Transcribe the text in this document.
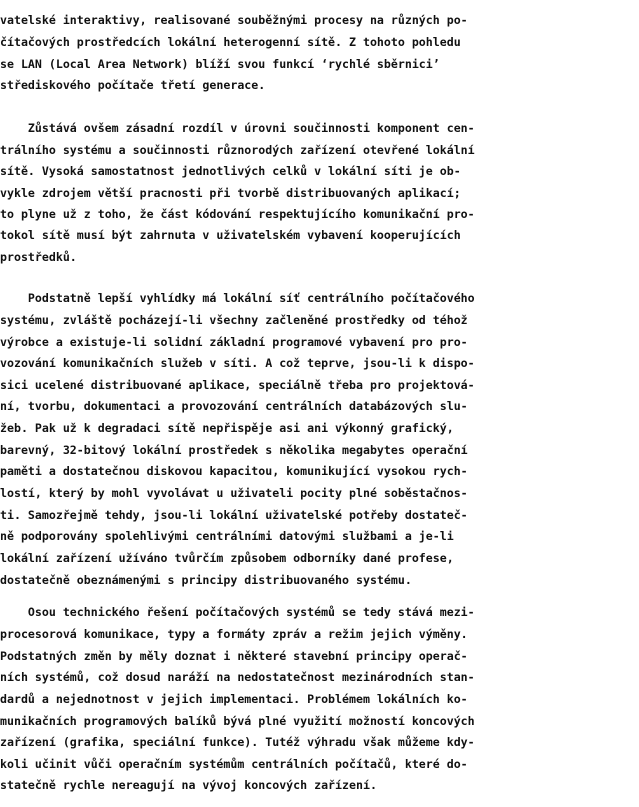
vatelské interaktivy, realisované souběžnými procesy na různých po-
čítačových prostředcích lokální heterogenní sítě. Z tohoto pohledu
se LAN (Local Area Network) blíží svou funkcí ‘rychlé sběrnici’
střediskového počítače třetí generace.
Zůstává ovšem zásadní rozdíl v úrovni součinnosti komponent cen-
trálního systému a součinnosti různorodých zařízení otevřené lokální
sítě. Vysoká samostatnost jednotlivých celků v lokální síti je ob-
vykle zdrojem větší pracnosti při tvorbě distribuovaných aplikací;
to plyne už z toho, že část kódování respektujícího komunikační pro-
tokol sítě musí být zahrnuta v uživatelském vybavení kooperujících
prostředků.
Podstatně lepší vyhlídky má lokální síť centrálního počítačového
systému, zvláště pocházejí-li všechny začleněné prostředky od téhož
výrobce a existuje-li solidní základní programové vybavení pro pro-
vozování komunikačních služeb v síti. A což teprve, jsou-li k dispo-
sici ucelené distribuované aplikace, speciálně třeba pro projektová-
ní, tvorbu, dokumentaci a provozování centrálních databázových slu-
žeb. Pak už k degradaci sítě nepřispěje asi ani výkonný grafický,
barevný, 32-bitový lokální prostředek s několika megabytes operační
paměti a dostatečnou diskovou kapacitou, komunikující vysokou rych-
lostí, který by mohl vyvolávat u uživateli pocity plné soběstačnos-
ti. Samozřejmě tehdy, jsou-li lokální uživatelské potřeby dostateč-
ně podporovány spolehlivými centrálními datovými službami a je-li
lokální zařízení užíváno tvůrčím způsobem odborníky dané profese,
dostatečně obeznámenými s principy distribuovaného systému.
Osou technického řešení počítačových systémů se tedy stává mezi-
procesorová komunikace, typy a formáty zpráv a režim jejich výměny.
Podstatných změn by měly doznat i některé stavební principy operač-
ních systémů, což dosud naráží na nedostatečnost mezinárodních stan-
dardů a nejednotnost v jejich implementaci. Problémem lokálních ko-
munikačních programových balíků bývá plné využití možností koncových
zařízení (grafika, speciální funkce). Tutéž výhradu však můžeme kdy-
koli učinit vůči operačním systémům centrálních počítačů, které do-
statečně rychle nereagují na vývoj koncových zařízení.
